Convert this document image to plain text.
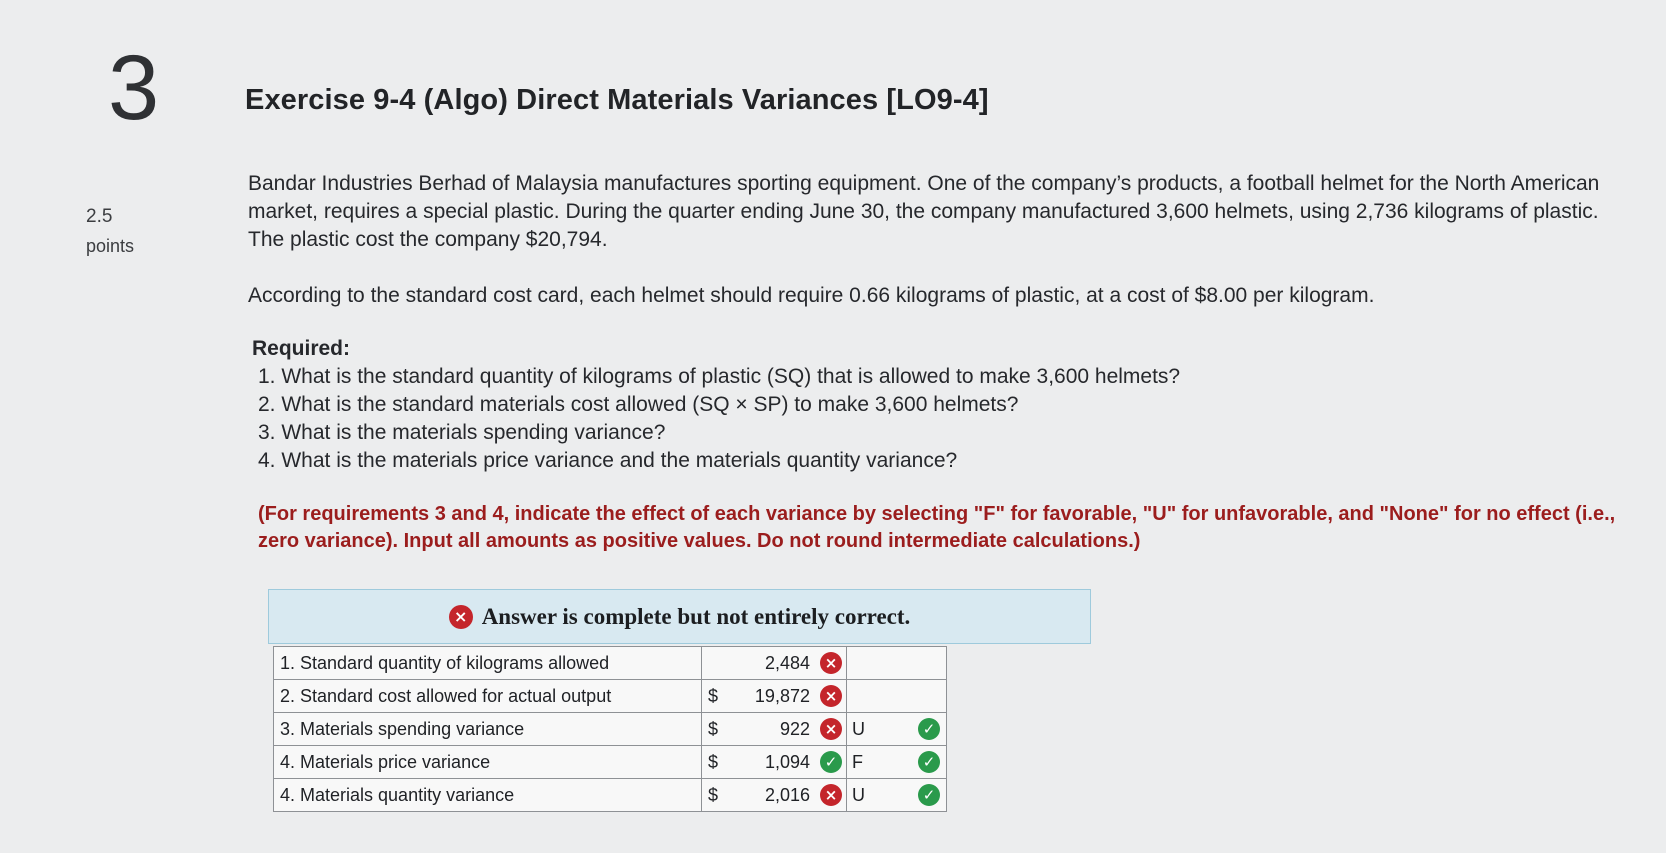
3
2.5
points
Exercise 9-4 (Algo) Direct Materials Variances [LO9-4]

Bandar Industries Berhad of Malaysia manufactures sporting equipment. One of the company’s products, a football helmet for the North American market, requires a special plastic. During the quarter ending June 30, the company manufactured 3,600 helmets, using 2,736 kilograms of plastic. The plastic cost the company $20,794.

According to the standard cost card, each helmet should require 0.66 kilograms of plastic, at a cost of $8.00 per kilogram.

Required:

1. What is the standard quantity of kilograms of plastic (SQ) that is allowed to make 3,600 helmets?
2. What is the standard materials cost allowed (SQ × SP) to make 3,600 helmets?
3. What is the materials spending variance?
4. What is the materials price variance and the materials quantity variance?

(For requirements 3 and 4, indicate the effect of each variance by selecting "F" for favorable, "U" for unfavorable, and "None" for no effect (i.e., zero variance). Input all amounts as positive values. Do not round intermediate calculations.)

× Answer is complete but not entirely correct.
1. Standard quantity of kilograms allowed		2,484 ×	
2. Standard cost allowed for actual output	$	19,872 ×	
3. Materials spending variance	$	922 ×	U ✓

4. Materials price variance	$	1,094 ✓	F ✓

4. Materials quantity variance	$	2,016 ×	U ✓
